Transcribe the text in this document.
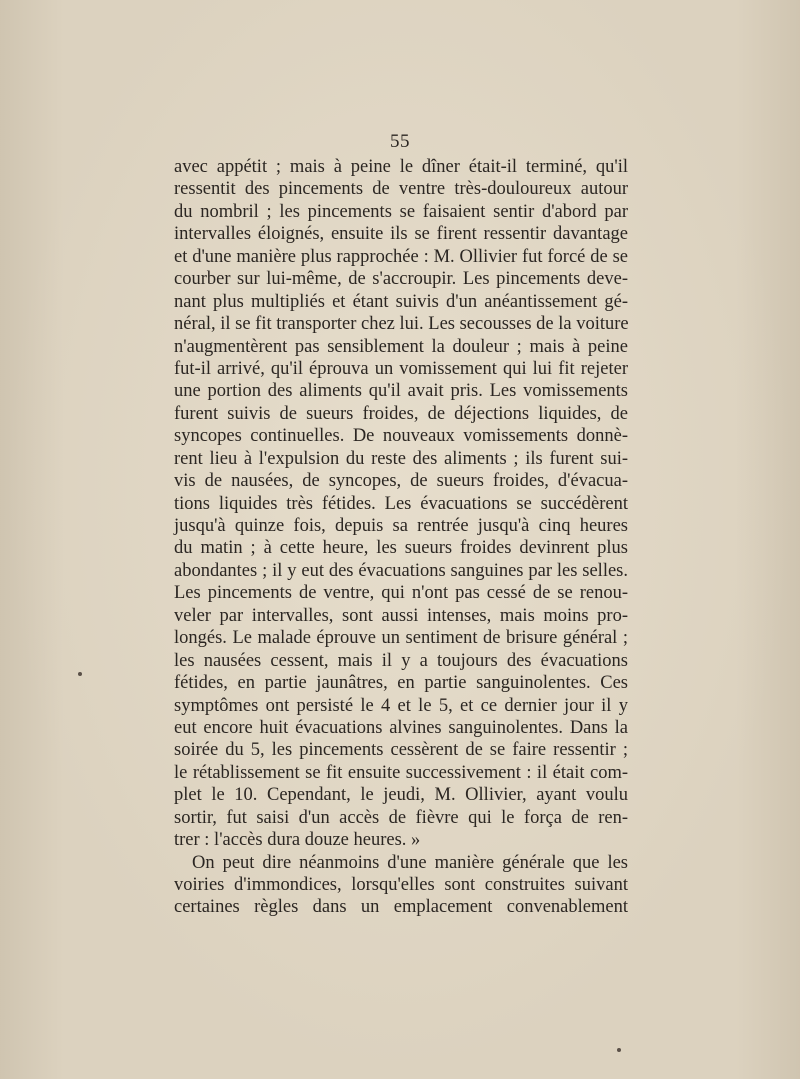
55
avec appétit ; mais à peine le dîner était-il terminé, qu'il
ressentit des pincements de ventre très-douloureux autour
du nombril ; les pincements se faisaient sentir d'abord par
intervalles éloignés, ensuite ils se firent ressentir davantage
et d'une manière plus rapprochée : M. Ollivier fut forcé de se
courber sur lui-même, de s'accroupir. Les pincements deve-
nant plus multipliés et étant suivis d'un anéantissement gé-
néral, il se fit transporter chez lui. Les secousses de la voiture
n'augmentèrent pas sensiblement la douleur ; mais à peine
fut-il arrivé, qu'il éprouva un vomissement qui lui fit rejeter
une portion des aliments qu'il avait pris. Les vomissements
furent suivis de sueurs froides, de déjections liquides, de
syncopes continuelles. De nouveaux vomissements donnè-
rent lieu à l'expulsion du reste des aliments ; ils furent sui-
vis de nausées, de syncopes, de sueurs froides, d'évacua-
tions liquides très fétides. Les évacuations se succédèrent
jusqu'à quinze fois, depuis sa rentrée jusqu'à cinq heures
du matin ; à cette heure, les sueurs froides devinrent plus
abondantes ; il y eut des évacuations sanguines par les selles.
Les pincements de ventre, qui n'ont pas cessé de se renou-
veler par intervalles, sont aussi intenses, mais moins pro-
longés. Le malade éprouve un sentiment de brisure général ;
les nausées cessent, mais il y a toujours des évacuations
fétides, en partie jaunâtres, en partie sanguinolentes. Ces
symptômes ont persisté le 4 et le 5, et ce dernier jour il y
eut encore huit évacuations alvines sanguinolentes. Dans la
soirée du 5, les pincements cessèrent de se faire ressentir ;
le rétablissement se fit ensuite successivement : il était com-
plet le 10. Cependant, le jeudi, M. Ollivier, ayant voulu
sortir, fut saisi d'un accès de fièvre qui le força de ren-
trer : l'accès dura douze heures. »
On peut dire néanmoins d'une manière générale que les
voiries d'immondices, lorsqu'elles sont construites suivant
certaines règles dans un emplacement convenablement
